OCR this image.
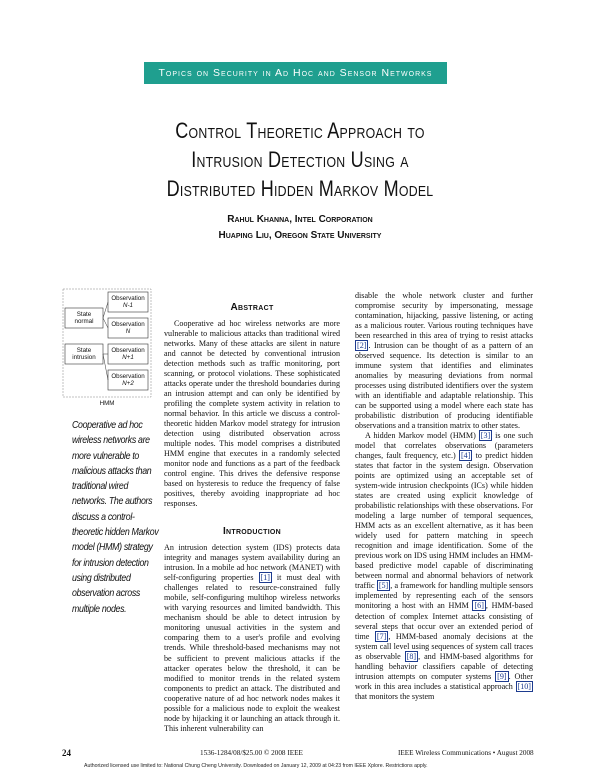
Topics on Security in Ad Hoc and Sensor Networks
Control Theoretic Approach to
Intrusion Detection Using a
Distributed Hidden Markov Model
Rahul Khanna, Intel Corporation
Huaping Liu, Oregon State University
Observation
N-1
Observation
N
Observation
N+1
Observation
N+2
State
normal
State
intrusion
HMM
Cooperative ad hoc wireless networks are more vulnerable to malicious attacks than traditional wired networks. The authors discuss a control-theoretic hidden Markov model (HMM) strategy for intrusion detection using distributed observation across multiple nodes.
Abstract

Cooperative ad hoc wireless networks are more vulnerable to malicious attacks than traditional wired networks. Many of these attacks are silent in nature and cannot be detected by conventional intrusion detection methods such as traffic monitoring, port scanning, or protocol violations. These sophisticated attacks operate under the threshold boundaries during an intrusion attempt and can only be identified by profiling the complete system activity in relation to normal behavior. In this article we discuss a control-theoretic hidden Markov model strategy for intrusion detection using distributed observation across multiple nodes. This model comprises a distributed HMM engine that executes in a randomly selected monitor node and functions as a part of the feedback control engine. This drives the defensive response based on hysteresis to reduce the frequency of false positives, thereby avoiding inappropriate ad hoc responses.

Introduction

An intrusion detection system (IDS) protects data integrity and manages system availability during an intrusion. In a mobile ad hoc network (MANET) with self-configuring properties [1] it must deal with challenges related to resource-constrained fully mobile, self-configuring multihop wireless networks with varying resources and limited bandwidth. This mechanism should be able to detect intrusion by monitoring unusual activities in the system and comparing them to a user's profile and evolving trends. While threshold-based mechanisms may not be sufficient to prevent malicious attacks if the attacker operates below the threshold, it can be modified to monitor trends in the related system components to predict an attack. The distributed and cooperative nature of ad hoc network nodes makes it possible for a malicious node to exploit the weakest node by hijacking it or launching an attack through it. This inherent vulnerability can

disable the whole network cluster and further compromise security by impersonating, message contamination, hijacking, passive listening, or acting as a malicious router. Various routing techniques have been researched in this area of trying to resist attacks [2] . Intrusion can be thought of as a pattern of an observed sequence. Its detection is similar to an immune system that identifies and eliminates anomalies by measuring deviations from normal processes using distributed identifiers over the system with an identifiable and adaptable relationship. This can be supported using a model where each state has probabilistic distribution of producing identifiable observations and a transition matrix to other states.

A hidden Markov model (HMM) [3] is one such model that correlates observations (parameters changes, fault frequency, etc.) [4] to predict hidden states that factor in the system design. Observation points are optimized using an acceptable set of system-wide intrusion checkpoints (ICs) while hidden states are created using explicit knowledge of probabilistic relationships with these observations. For modeling a large number of temporal sequences, HMM acts as an excellent alternative, as it has been widely used for pattern matching in speech recognition and image identification. Some of the previous work on IDS using HMM includes an HMM-based predictive model capable of discriminating between normal and abnormal behaviors of network traffic [5] , a framework for handling multiple sensors implemented by representing each of the sensors monitoring a host with an HMM [6] , HMM-based detection of complex Internet attacks consisting of several steps that occur over an extended period of time [7] , HMM-based anomaly decisions at the system call level using sequences of system call traces as observable [8] , and HMM-based algorithms for handling behavior classifiers capable of detecting intrusion attempts on computer systems [9] . Other work in this area includes a statistical approach [10] that monitors the system

24	1536-1284/08/$25.00 © 2008 IEEE	IEEE Wireless Communications • August 2008
Authorized licensed use limited to: National Chung Cheng University. Downloaded on January 12, 2009 at 04:23 from IEEE Xplore. Restrictions apply.
